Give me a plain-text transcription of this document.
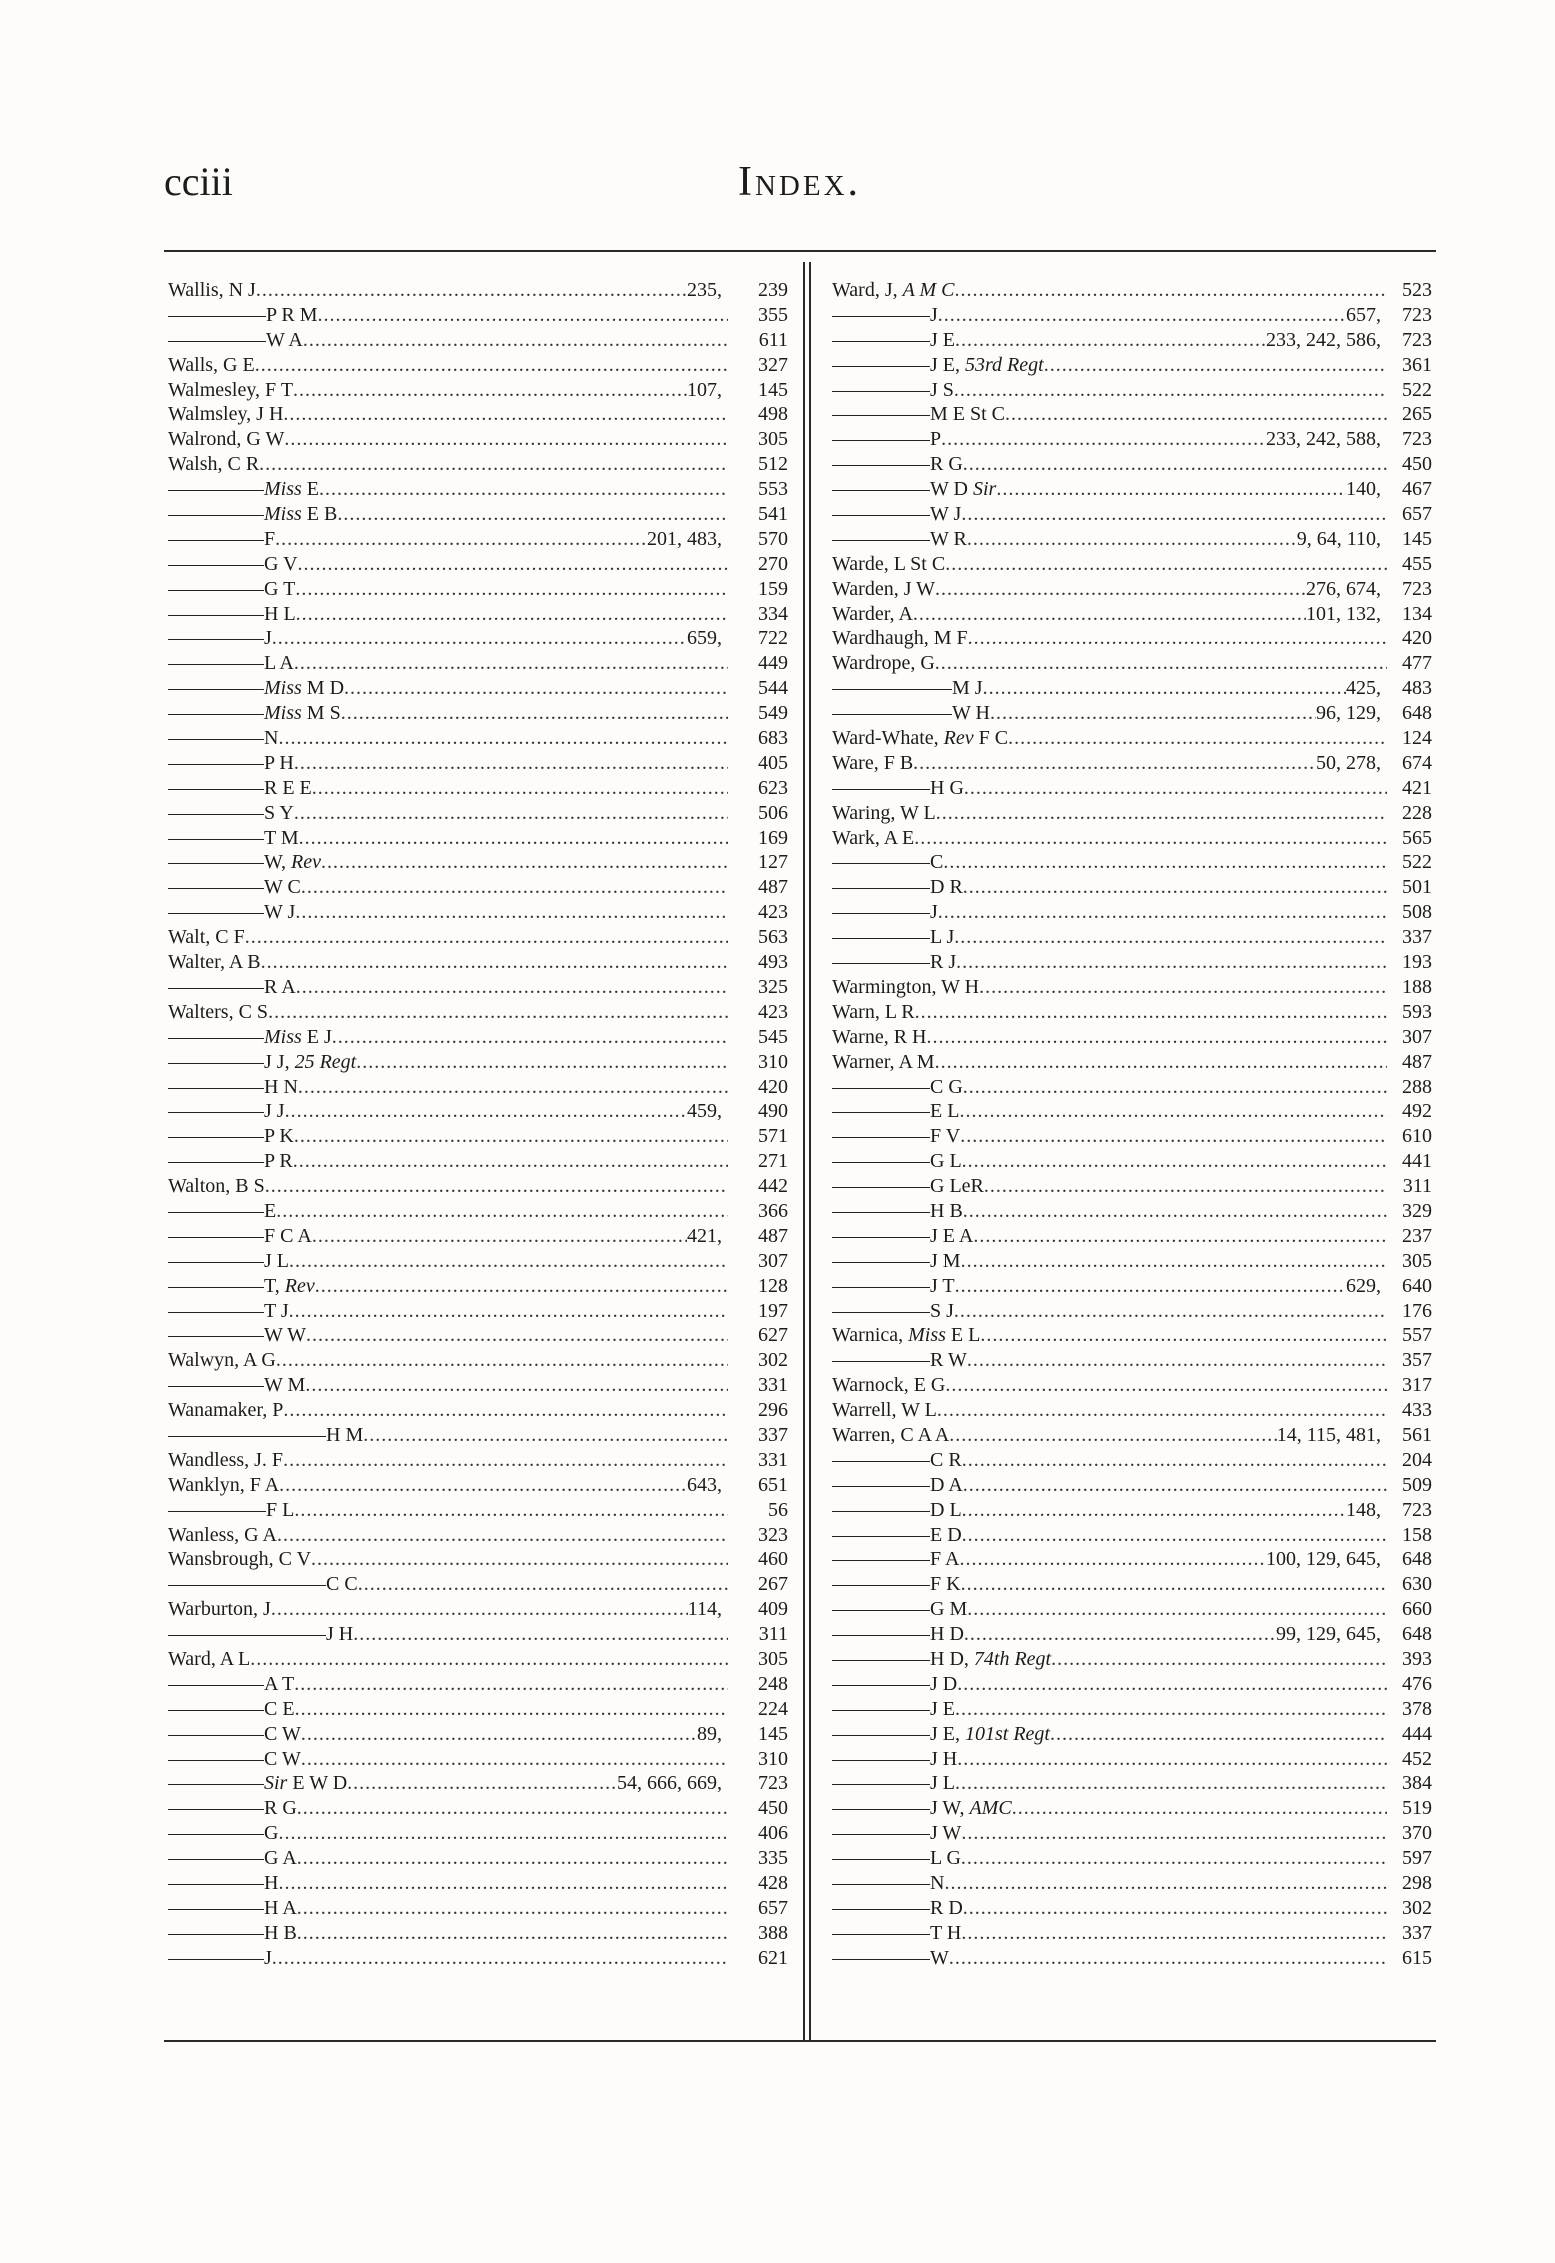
cciii	Index.
Wallis, N J .....	235,	239
P R M .....	355
W A .....	611
Walls, G E .....	327
Walmesley, F T .....	107,	145
Walmsley, J H .....	498
Walrond, G W .....	305
Walsh, C R .....	512
Miss E .....	553
Miss E B .....	541
F .....	201, 483,	570
G V .....	270
G T .....	159
H L .....	334
J .....	659,	722
L A .....	449
Miss M D .....	544
Miss M S .....	549
N .....	683
P H .....	405
R E E .....	623
S Y .....	506
T M .....	169
W, Rev .....	127
W C .....	487
W J .....	423
Walt, C F .....	563
Walter, A B .....	493
R A .....	325
Walters, C S .....	423
Miss E J .....	545
J J, 25 Regt .....	310
H N .....	420
J J .....	459,	490
P K .....	571
P R .....	271
Walton, B S .....	442
E .....	366
F C A .....	421,	487
J L .....	307
T, Rev .....	128
T J .....	197
W W .....	627
Walwyn, A G .....	302
W M .....	331
Wanamaker, P .....	296
H M .....	337
Wandless, J. F .....	331
Wanklyn, F A .....	643,	651
F L .....	56
Wanless, G A .....	323
Wansbrough, C V .....	460
C C .....	267
Warburton, J .....	114,	409
J H .....	311
Ward, A L .....	305
A T .....	248
C E .....	224
C W .....	89,	145
C W .....	310
Sir E W D .....	54, 666, 669,	723
R G .....	450
G .....	406
G A .....	335
H .....	428
H A .....	657
H B .....	388
J .....	621
Ward, J, A M C .....	523
J .....	657,	723
J E .....	233, 242, 586,	723
J E, 53rd Regt .....	361
J S .....	522
M E St C .....	265
P .....	233, 242, 588,	723
R G .....	450
W D Sir .....	140,	467
W J .....	657
W R .....	9, 64, 110,	145
Warde, L St C .....	455
Warden, J W .....	276, 674,	723
Warder, A .....	101, 132,	134
Wardhaugh, M F .....	420
Wardrope, G .....	477
M J .....	425,	483
W H .....	96, 129,	648
Ward-Whate, Rev F C .....	124
Ware, F B .....	50, 278,	674
H G .....	421
Waring, W L .....	228
Wark, A E .....	565
C .....	522
D R .....	501
J .....	508
L J .....	337
R J .....	193
Warmington, W H .....	188
Warn, L R .....	593
Warne, R H .....	307
Warner, A M .....	487
C G .....	288
E L .....	492
F V .....	610
G L .....	441
G LeR .....	311
H B .....	329
J E A .....	237
J M .....	305
J T .....	629,	640
S J .....	176
Warnica, Miss E L .....	557
R W .....	357
Warnock, E G .....	317
Warrell, W L .....	433
Warren, C A A .....	14, 115, 481,	561
C R .....	204
D A .....	509
D L .....	148,	723
E D .....	158
F A .....	100, 129, 645,	648
F K .....	630
G M .....	660
H D .....	99, 129, 645,	648
H D, 74th Regt .....	393
J D .....	476
J E .....	378
J E, 101st Regt .....	444
J H .....	452
J L .....	384
J W, AMC .....	519
J W .....	370
L G .....	597
N .....	298
R D .....	302
T H .....	337
W .....	615
